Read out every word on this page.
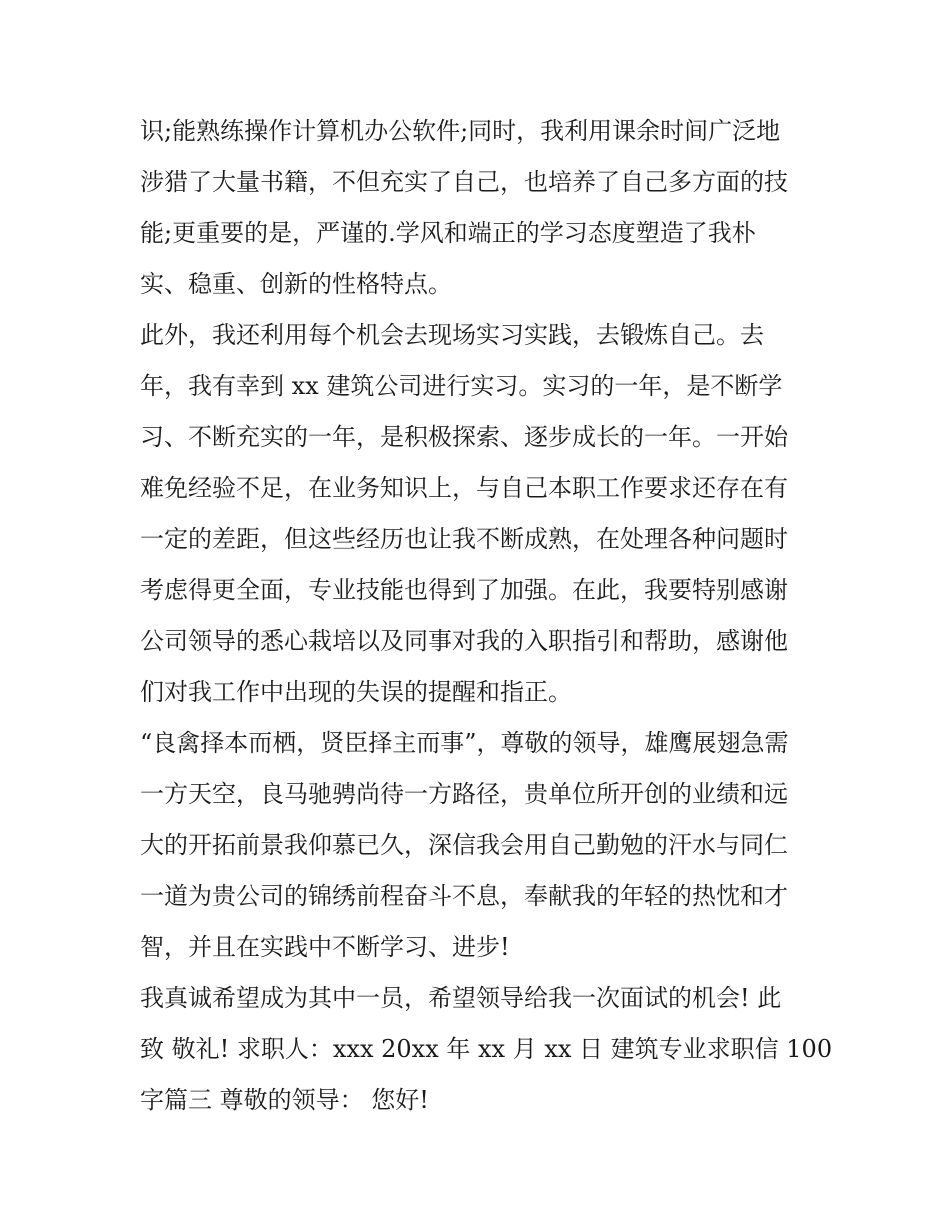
识;能熟练操作计算机办公软件;同时，我利用课余时间广泛地
涉猎了大量书籍，不但充实了自己，也培养了自己多方面的技
能;更重要的是，严谨的.学风和端正的学习态度塑造了我朴
实、稳重、创新的性格特点。
此外，我还利用每个机会去现场实习实践，去锻炼自己。去
年，我有幸到 xx 建筑公司进行实习。实习的一年，是不断学
习、不断充实的一年，是积极探索、逐步成长的一年。一开始
难免经验不足，在业务知识上，与自己本职工作要求还存在有
一定的差距，但这些经历也让我不断成熟，在处理各种问题时
考虑得更全面，专业技能也得到了加强。在此，我要特别感谢
公司领导的悉心栽培以及同事对我的入职指引和帮助，感谢他
们对我工作中出现的失误的提醒和指正。
“良禽择本而栖，贤臣择主而事”，尊敬的领导，雄鹰展翅急需
一方天空，良马驰骋尚待一方路径，贵单位所开创的业绩和远
大的开拓前景我仰慕已久，深信我会用自己勤勉的汗水与同仁
一道为贵公司的锦绣前程奋斗不息，奉献我的年轻的热忱和才
智，并且在实践中不断学习、进步!
我真诚希望成为其中一员，希望领导给我一次面试的机会! 此
致 敬礼! 求职人：xxx 20xx 年 xx 月 xx 日 建筑专业求职信 100
字篇三 尊敬的领导： 您好!
